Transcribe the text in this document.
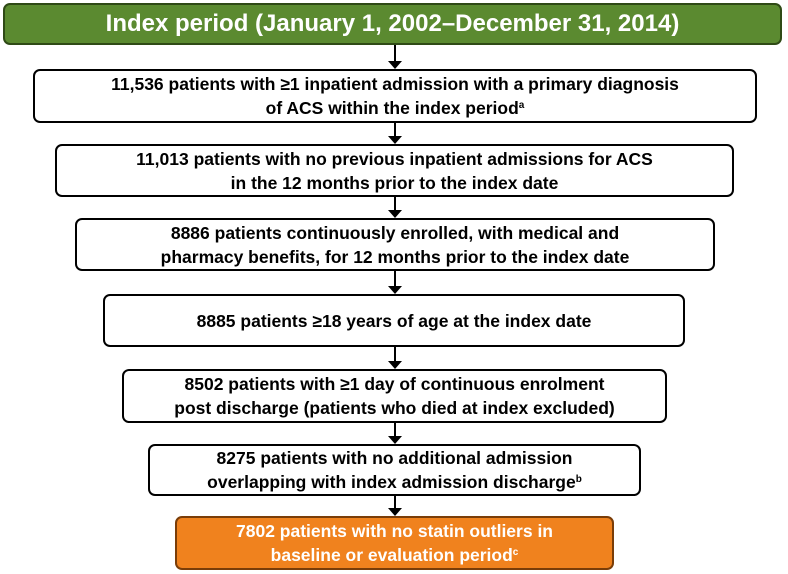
Index period (January 1, 2002–December 31, 2014)
11,536 patients with ≥1 inpatient admission with a primary diagnosis
of ACS within the index period$^a$
11,013 patients with no previous inpatient admissions for ACS
in the 12 months prior to the index date
8886 patients continuously enrolled, with medical and
pharmacy benefits, for 12 months prior to the index date
8885 patients ≥18 years of age at the index date
8502 patients with ≥1 day of continuous enrolment
post discharge (patients who died at index excluded)
8275 patients with no additional admission
overlapping with index admission discharge$^b$
7802 patients with no statin outliers in
baseline or evaluation period$^c$
